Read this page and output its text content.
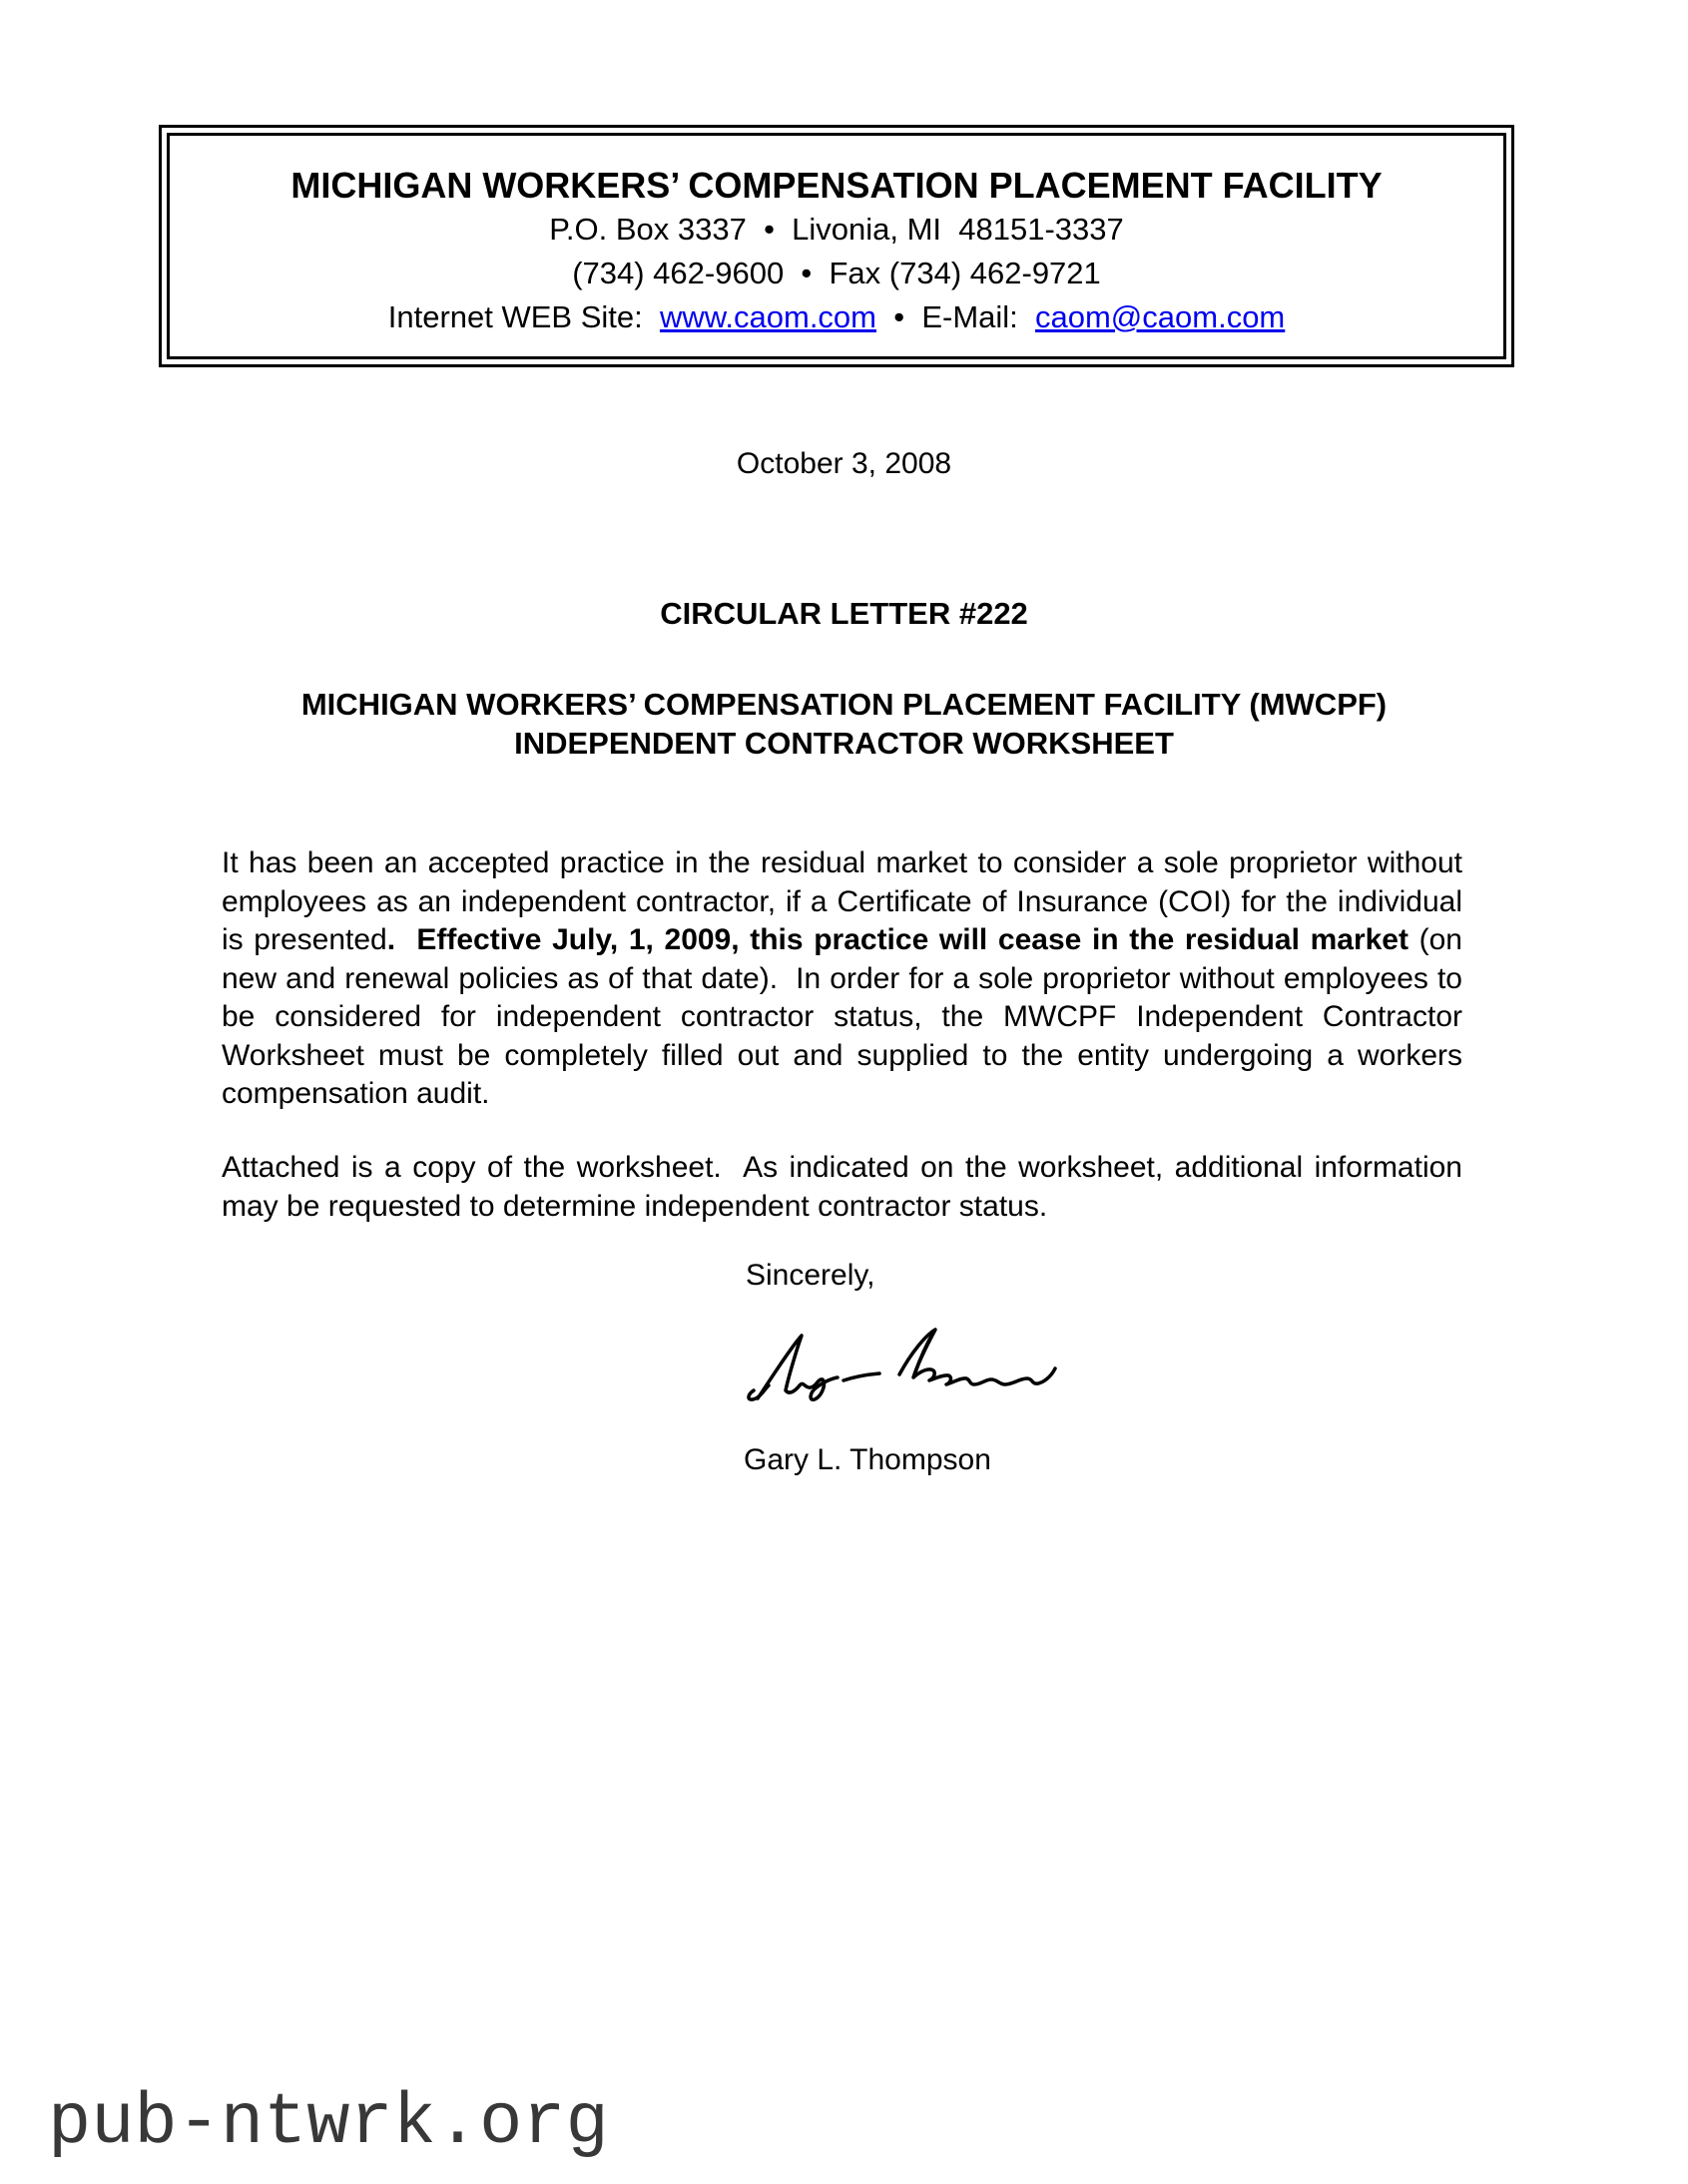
MICHIGAN WORKERS’ COMPENSATION PLACEMENT FACILITY
P.O. Box 3337  •  Livonia, MI  48151-3337
(734) 462-9600  •  Fax (734) 462-9721
Internet WEB Site:  www.caom.com  •  E-Mail:  caom@caom.com
October 3, 2008
CIRCULAR LETTER #222
MICHIGAN WORKERS’ COMPENSATION PLACEMENT FACILITY (MWCPF)
INDEPENDENT CONTRACTOR WORKSHEET
It has been an accepted practice in the residual market to consider a sole proprietor without employees as an independent contractor, if a Certificate of Insurance (COI) for the individual is presented.  Effective July, 1, 2009, this practice will cease in the residual market (on new and renewal policies as of that date).  In order for a sole proprietor without employees to be considered for independent contractor status, the MWCPF Independent Contractor Worksheet must be completely filled out and supplied to the entity undergoing a workers compensation audit.
Attached is a copy of the worksheet.  As indicated on the worksheet, additional information may be requested to determine independent contractor status.
Sincerely,
Gary L. Thompson
pub-ntwrk.org
